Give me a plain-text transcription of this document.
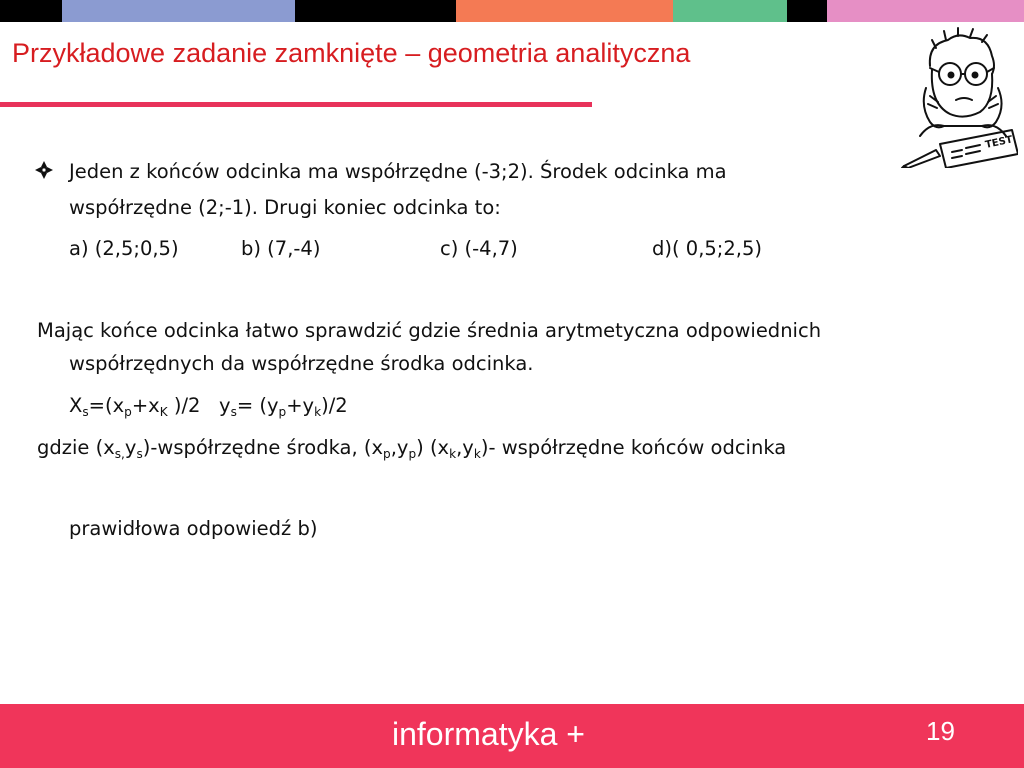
Przykładowe zadanie zamknięte – geometria analityczna
TEST
Jeden z końców odcinka ma współrzędne (-3;2). Środek odcinka ma
współrzędne (2;-1). Drugi koniec odcinka to:
a) (2,5;0,5)	b) (7,-4)	c) (-4,7)	d)( 0,5;2,5)
Mając końce odcinka łatwo sprawdzić gdzie średnia arytmetyczna odpowiednich
współrzędnych da współrzędne środka odcinka.
$X_s=(x_p+x_K$ )/2   $y_s= (y_p+y_k)/2$
gdzie $(x_{s,}y_s)$-współrzędne środka, $(x_p,y_p)$ $(x_k,y_k)-$ współrzędne końców odcinka
prawidłowa odpowiedź b)
informatyka +	19
